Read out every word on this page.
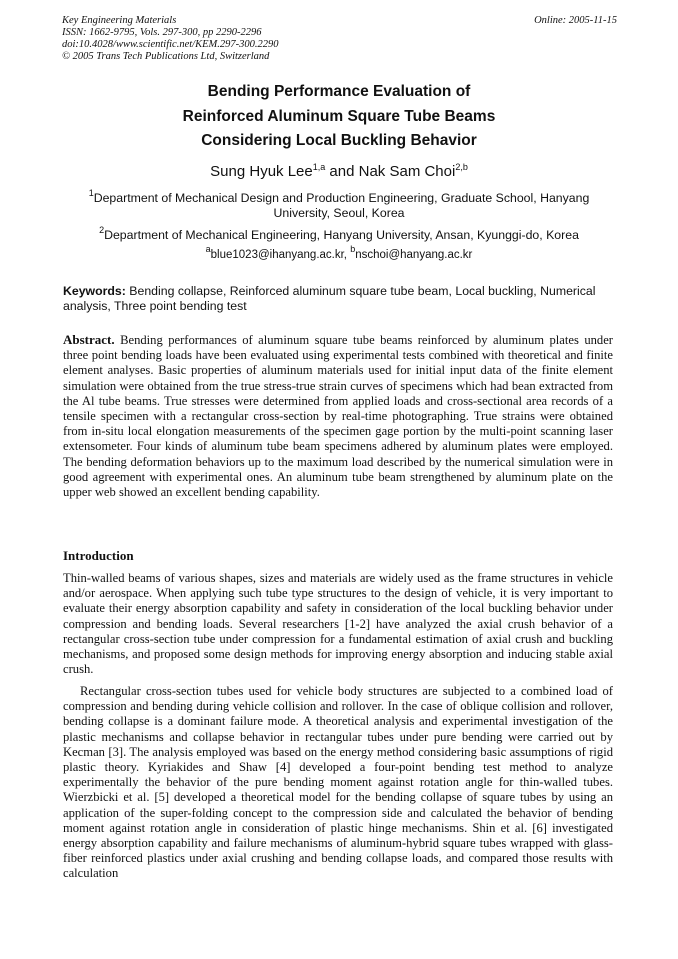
Key Engineering Materials
ISSN: 1662-9795, Vols. 297-300, pp 2290-2296
doi:10.4028/www.scientific.net/KEM.297-300.2290
© 2005 Trans Tech Publications Ltd, Switzerland
Online: 2005-11-15
Bending Performance Evaluation of
Reinforced Aluminum Square Tube Beams
Considering Local Buckling Behavior
Sung Hyuk Lee$^{1,a}$ and Nak Sam Choi$^{2,b}$
$^1$Department of Mechanical Design and Production Engineering, Graduate School, Hanyang University, Seoul, Korea
$^2$Department of Mechanical Engineering, Hanyang University, Ansan, Kyunggi-do, Korea
$^a$blue1023@ihanyang.ac.kr, $^b$nschoi@hanyang.ac.kr
Keywords: Bending collapse, Reinforced aluminum square tube beam, Local buckling, Numerical analysis, Three point bending test
Abstract. Bending performances of aluminum square tube beams reinforced by aluminum plates under three point bending loads have been evaluated using experimental tests combined with theoretical and finite element analyses. Basic properties of aluminum materials used for initial input data of the finite element simulation were obtained from the true stress-true strain curves of specimens which had bean extracted from the Al tube beams. True stresses were determined from applied loads and cross-sectional area records of a tensile specimen with a rectangular cross-section by real-time photographing. True strains were obtained from in-situ local elongation measurements of the specimen gage portion by the multi-point scanning laser extensometer. Four kinds of aluminum tube beam specimens adhered by aluminum plates were employed. The bending deformation behaviors up to the maximum load described by the numerical simulation were in good agreement with experimental ones. An aluminum tube beam strengthened by aluminum plate on the upper web showed an excellent bending capability.
Introduction
Thin-walled beams of various shapes, sizes and materials are widely used as the frame structures in vehicle and/or aerospace. When applying such tube type structures to the design of vehicle, it is very important to evaluate their energy absorption capability and safety in consideration of the local buckling behavior under compression and bending loads. Several researchers [1-2] have analyzed the axial crush behavior of a rectangular cross-section tube under compression for a fundamental estimation of axial crush and buckling mechanisms, and proposed some design methods for improving energy absorption and inducing stable axial crush.
Rectangular cross-section tubes used for vehicle body structures are subjected to a combined load of compression and bending during vehicle collision and rollover. In the case of oblique collision and rollover, bending collapse is a dominant failure mode. A theoretical analysis and experimental investigation of the plastic mechanisms and collapse behavior in rectangular tubes under pure bending were carried out by Kecman [3]. The analysis employed was based on the energy method considering basic assumptions of rigid plastic theory. Kyriakides and Shaw [4] developed a four-point bending test method to analyze experimentally the behavior of the pure bending moment against rotation angle for thin-walled tubes. Wierzbicki et al. [5] developed a theoretical model for the bending collapse of square tubes by using an application of the super-folding concept to the compression side and calculated the behavior of bending moment against rotation angle in consideration of plastic hinge mechanisms. Shin et al. [6] investigated energy absorption capability and failure mechanisms of aluminum-hybrid square tubes wrapped with glass-fiber reinforced plastics under axial crushing and bending collapse loads, and compared those results with calculation
